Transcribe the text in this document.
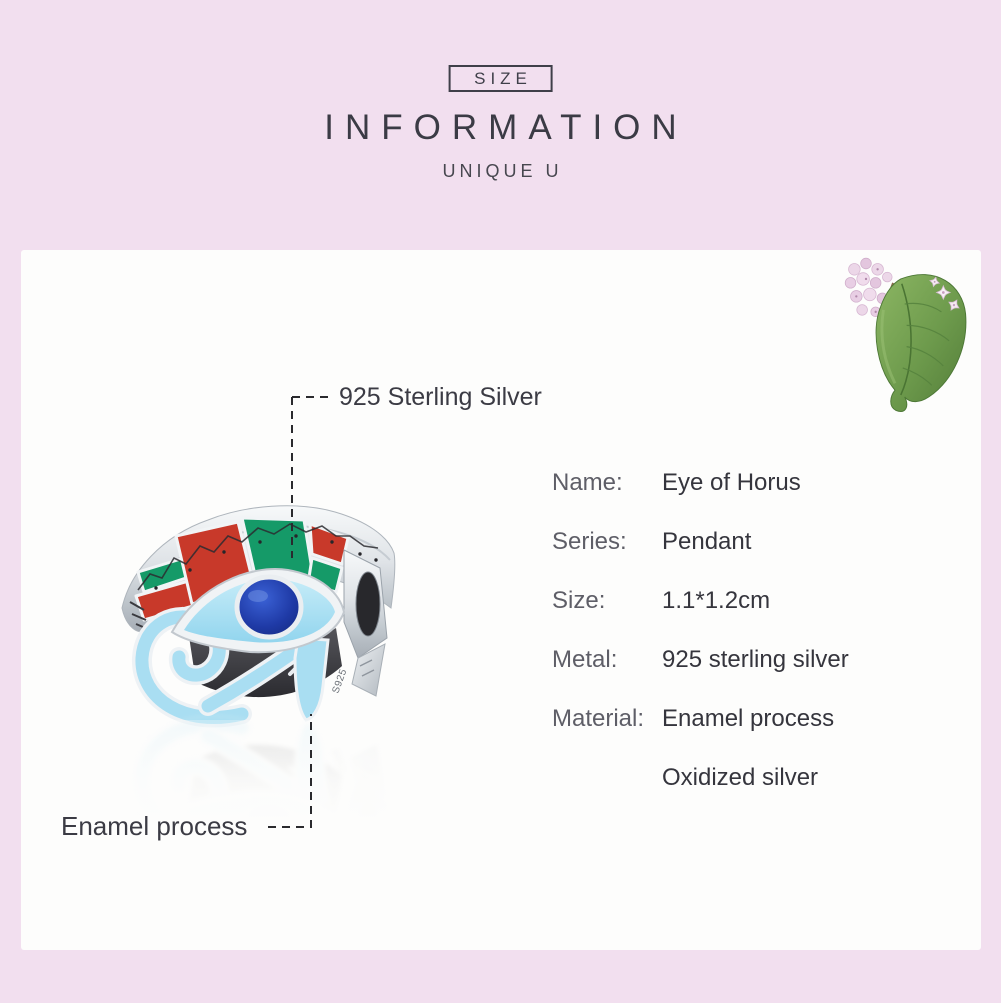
SIZE
INFORMATION
UNIQUE U
S925
925 Sterling Silver
Enamel process
Name:	Eye of Horus
Series:	Pendant
Size:	1.1*1.2cm
Metal:	925 sterling silver
Material: Enamel process
Oxidized silver
